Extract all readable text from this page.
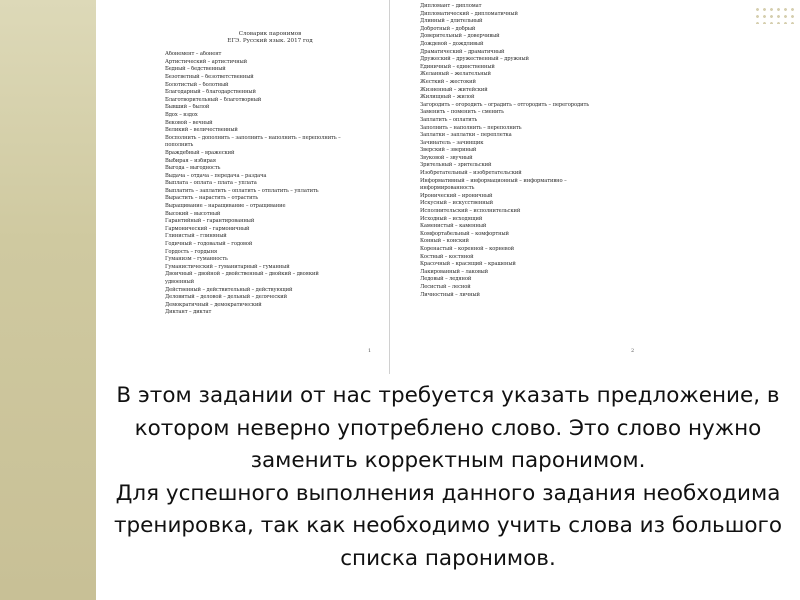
Словарик паронимов
ЕГЭ. Русский язык. 2017 год
Абонемент – абонент
Артистический – артистичный
Бедный – бедственный
Безответный – безответственный
Болотистый – болотный
Благодарный – благодарственный
Благотворительный – благотворный
Бывший – былой
Вдох – вздох
Вековой – вечный
Великий – величественный
Восполнить – дополнить – заполнить – наполнить – переполнить –
пополнить
Враждебный – вражеский
Выбирая – избирая
Выгода – выгодность
Выдача – отдача – передача – раздача
Выплата – оплата – плата – уплата
Выплатить – заплатить – оплатить – отплатить – уплатить
Вырастить – нарастить – отрастить
Выращивание – наращивание – отращивание
Высокий – высотный
Гарантийный – гарантированный
Гармонический – гармоничный
Глинистый – глиняный
Годичный – годовалый – годовой
Гордость – гордыня
Гуманизм – гуманность
Гуманистический – гуманитарный – гуманный
Двоичный – двойной – двойственный – двойкий – двоякий
удвоенный
Действенный – действительный – действующий
Деловитый – деловой – дельный – деляческий
Демократичный – демократический
Диктант – диктат
1
Дипломант – дипломат
Дипломатический – дипломатичный
Длинный – длительный
Добротный – добрый
Доверительный – доверчивый
Дождевой – дождливый
Драматический – драматичный
Дружеский – дружественный – дружный
Единичный – единственный
Желанный – желательный
Жесткий – жестокий
Жизненный – житейский
Жилищный – жилой
Загородить – огородить – оградить – отгородить – перегородить
Заменить – поменить – сменить
Заплатить – оплатить
Заполнить – наполнить – переполнить
Заплатки – заплатки – переплетка
Зачинатель – зачинщик
Зверский – звериный
Звуковой – звучный
Зрительный – зрительский
Изобретательный – изобретательский
Информативный – информационный – информативно –
информированность
Иронический – ироничный
Искусный – искусственный
Исполнительский – исполнительский
Исходный – исходящий
Каменистый – каменный
Комфортабельный – комфортный
Конный – конский
Коренастый – коренной – корневой
Костный – костяной
Красочный – красящий – крашеный
Лакированный – лаковый
Ледовый – ледяной
Лесистый – лесной
Личностный – личный
2

В этом задании от нас требуется указать предложение, в котором неверно употреблено слово. Это слово нужно заменить корректным паронимом.

Для успешного выполнения данного задания необходима тренировка, так как необходимо учить слова из большого списка паронимов.
